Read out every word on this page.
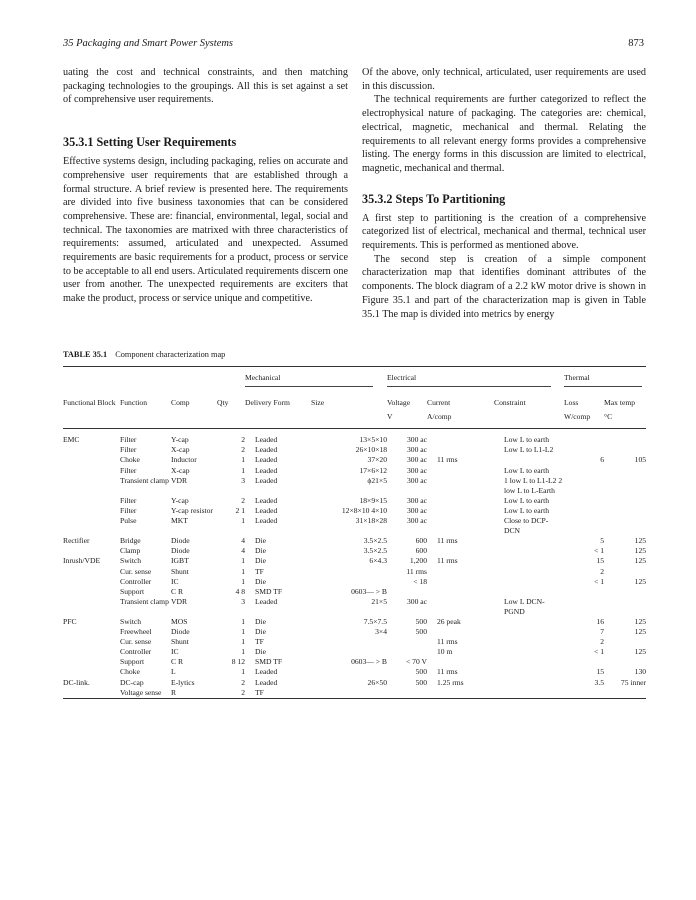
35 Packaging and Smart Power Systems	873

uating the cost and technical constraints, and then matching packaging technologies to the groupings. All this is set against a set of comprehensive user requirements.

35.3.1 Setting User Requirements

Effective systems design, including packaging, relies on accurate and comprehensive user requirements that are established through a formal structure. A brief review is presented here. The requirements are divided into five business taxonomies that can be considered comprehensive. These are: financial, environmental, legal, social and technical. The taxonomies are matrixed with three characteristics of requirements: assumed, articulated and unexpected. Assumed requirements are basic requirements for a product, process or service to be acceptable to all end users. Articulated requirements discern one user from another. The unexpected requirements are exciters that make the product, process or service unique and competitive.

Of the above, only technical, articulated, user requirements are used in this discussion.

The technical requirements are further categorized to reflect the electrophysical nature of packaging. The categories are: chemical, electrical, magnetic, mechanical and thermal. Relating the requirements to all relevant energy forms provides a comprehensive listing. The energy forms in this discussion are limited to electrical, magnetic, mechanical and thermal.

35.3.2 Steps To Partitioning

A first step to partitioning is the creation of a comprehensive categorized list of electrical, mechanical and thermal, technical user requirements. This is performed as mentioned above.

The second step is creation of a simple component characterization map that identifies dominant attributes of the components. The block diagram of a 2.2 kW motor drive is shown in Figure 35.1 and part of the characterization map is given in Table 35.1 The map is divided into metrics by energy

TABLE 35.1 Component characterization map
				Mechanical		Electrical			Thermal	
Functional Block	Function	Comp	Qty	Delivery Form	Size	Voltage	Current	Constraint	Loss	Max temp
						V	A/comp		W/comp	°C
EMC	Filter	Y-cap	2	Leaded	13×5×10	300 ac		Low L to earth		
	Filter	X-cap	2	Leaded	26×10×18	300 ac		Low L to L1-L2		
	Choke	Inductor	1	Leaded	37×20	300 ac	11 rms		6	105
	Filter	X-cap	1	Leaded	17×6×12	300 ac		Low L to earth		
	Transient clamp	VDR	3	Leaded	ϕ21×5	300 ac		1 low L to L1-L2 2 low L to L-Earth		
	Filter	Y-cap	2	Leaded	18×9×15	300 ac		Low L to earth		
	Filter	Y-cap resistor	2 1	Leaded	12×8×10 4×10	300 ac		Low L to earth		
	Pulse	MKT	1	Leaded	31×18×28	300 ac		Close to DCP-DCN		
Rectifier	Bridge	Diode	4	Die	3.5×2.5	600	11 rms		5	125
	Clamp	Diode	4	Die	3.5×2.5	600			< 1	125
Inrush/VDE	Switch	IGBT	1	Die	6×4.3	1,200	11 rms		15	125
	Cur. sense	Shunt	1	TF		11 rms			2	
	Controller	IC	1	Die		< 18			< 1	125
	Support	C R	4 8	SMD TF	0603— > B					
	Transient clamp	VDR	3	Leaded	21×5	300 ac		Low L DCN-PGND		
PFC	Switch	MOS	1	Die	7.5×7.5	500	26 peak		16	125
	Freewheel	Diode	1	Die	3×4	500			7	125
	Cur. sense	Shunt	1	TF			11 rms		2	
	Controller	IC	1	Die			10 m		< 1	125
	Support	C R	8 12	SMD TF	0603— > B	< 70 V				
	Choke	L	1	Leaded		500	11 rms		15	130
DC-link.	DC-cap	E-lytics	2	Leaded	26×50	500	1.25 rms		3.5	75 inner
	Voltage sense	R	2	TF						
